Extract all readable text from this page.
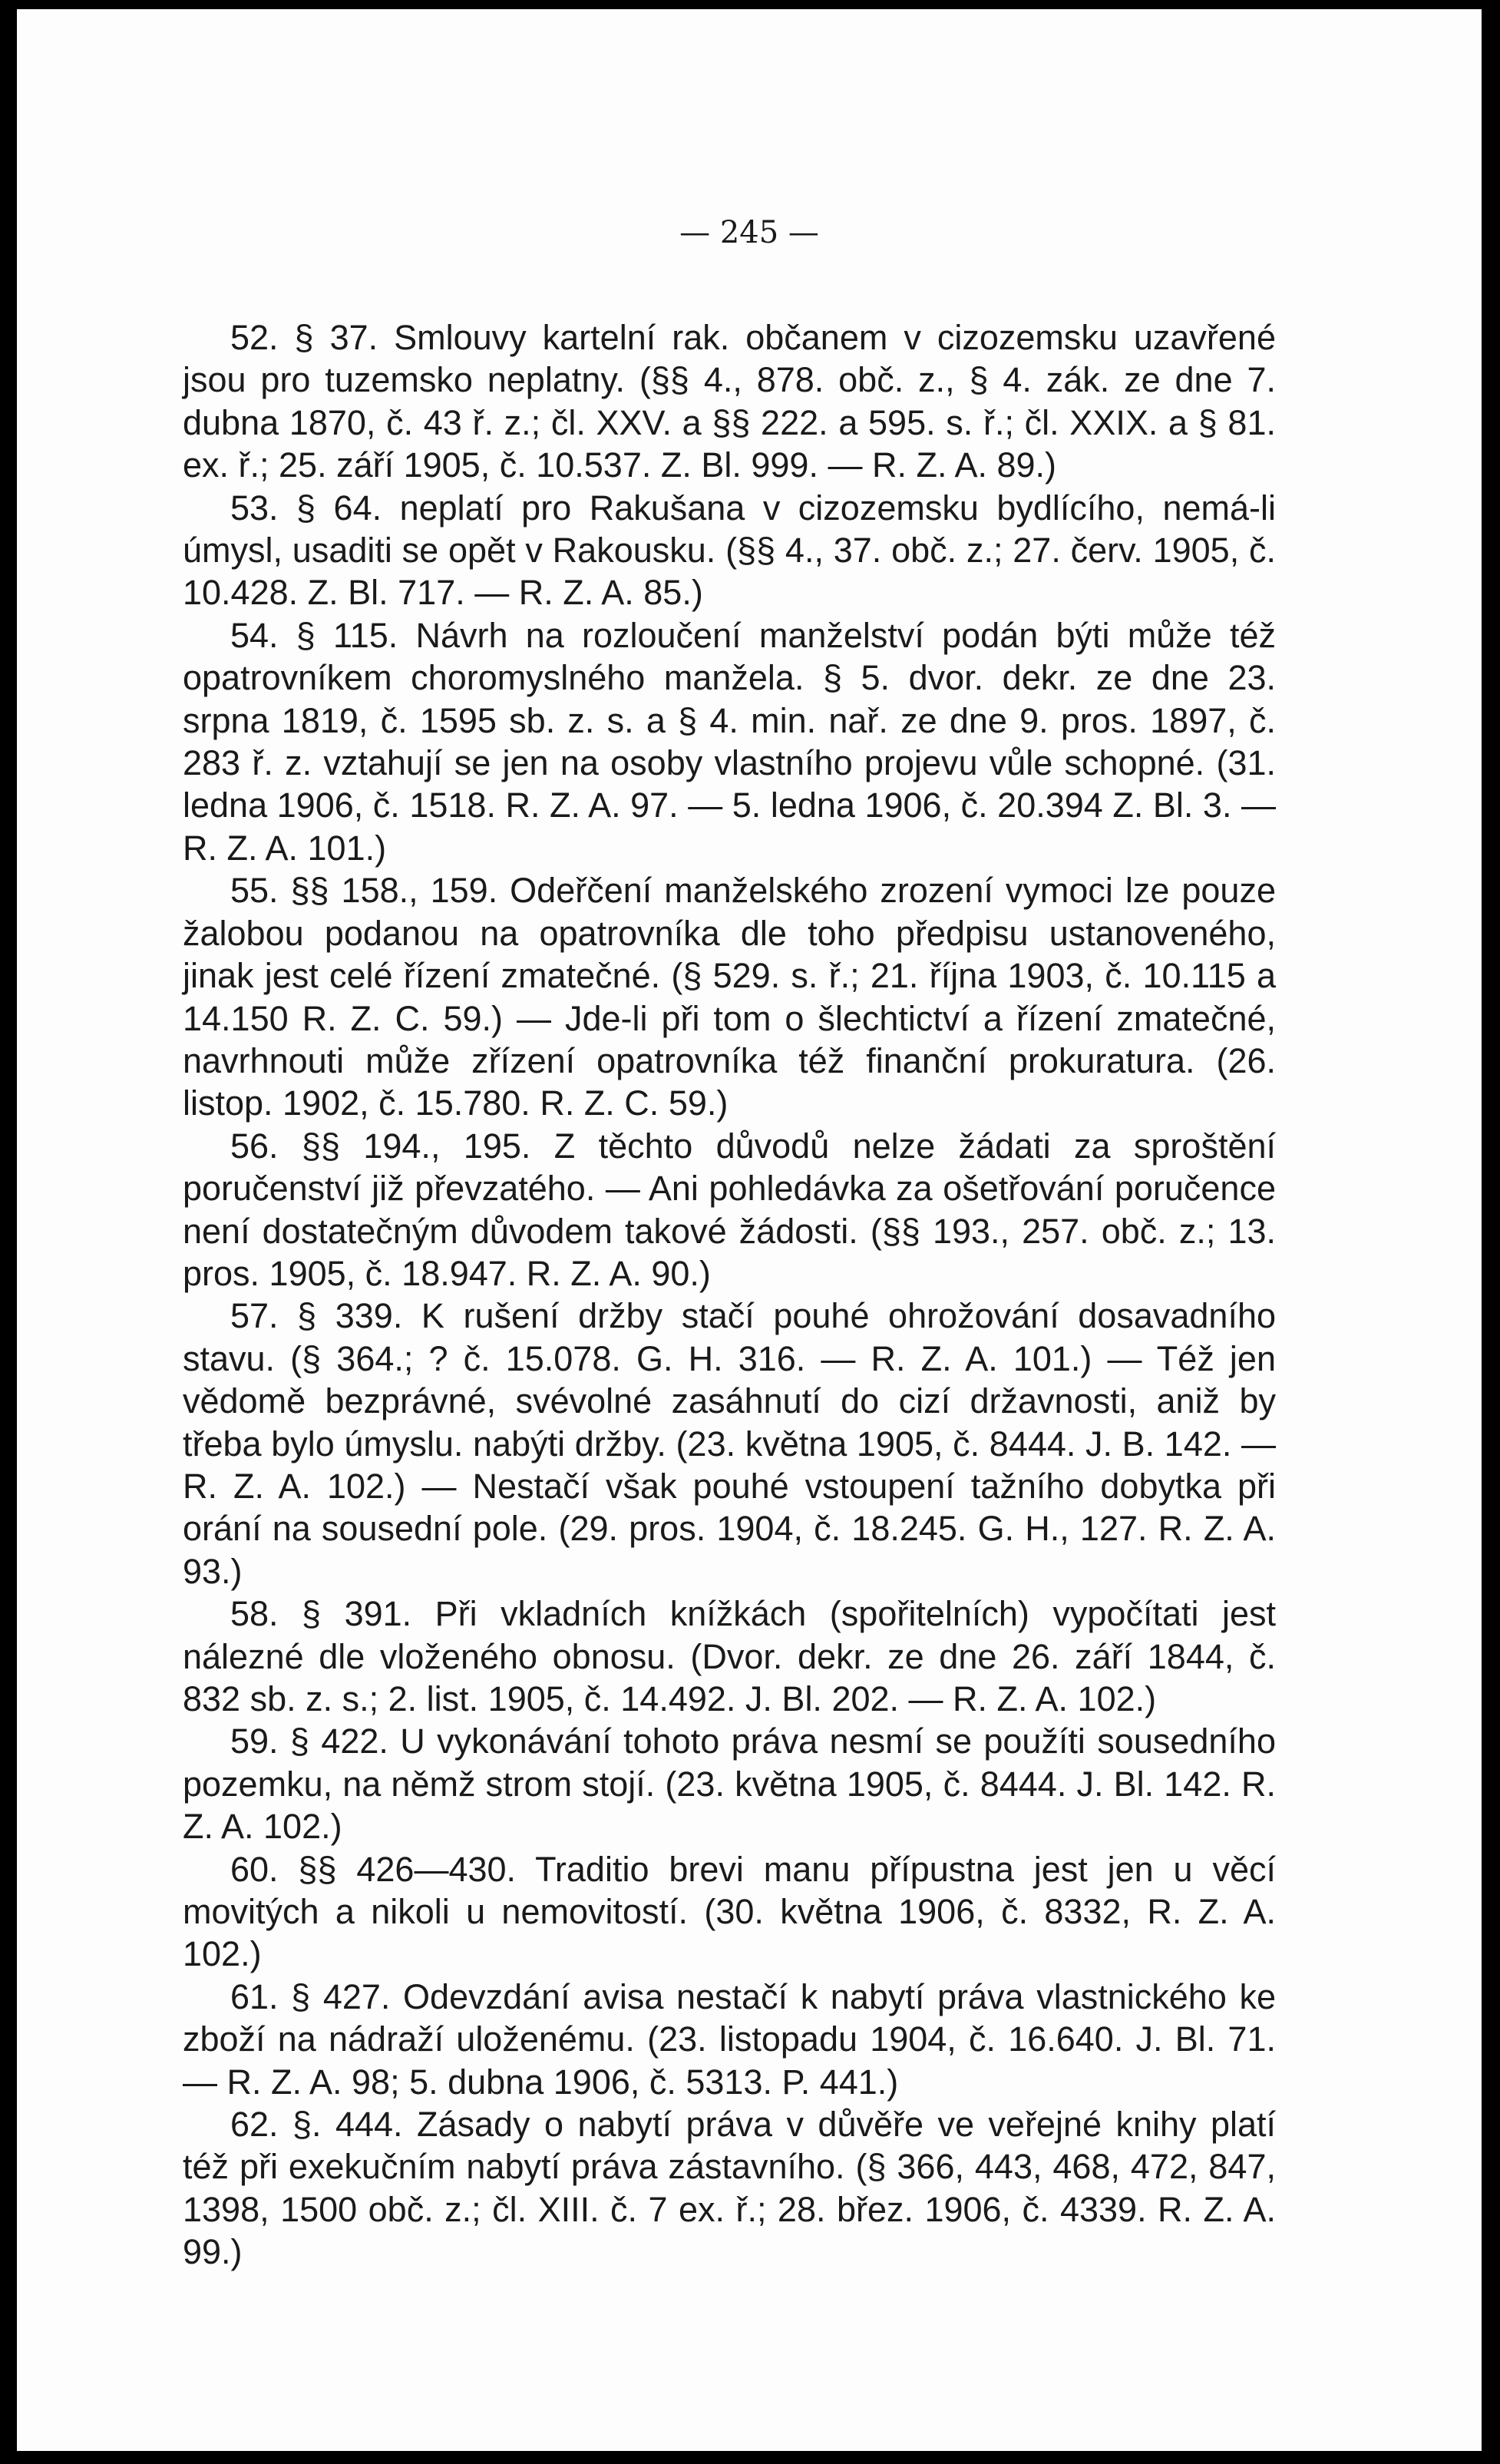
— 245 —

52. § 37. Smlouvy kartelní rak. občanem v cizozemsku uzavřené jsou pro tuzemsko neplatny. (§§ 4., 878. obč. z., § 4. zák. ze dne 7. dubna 1870, č. 43 ř. z.; čl. XXV. a §§ 222. a 595. s. ř.; čl. XXIX. a § 81. ex. ř.; 25. září 1905, č. 10.537. Z. Bl. 999. — R. Z. A. 89.)

53. § 64. neplatí pro Rakušana v cizozemsku bydlícího, nemá-li úmysl, usaditi se opět v Rakousku. (§§ 4., 37. obč. z.; 27. červ. 1905, č. 10.428. Z. Bl. 717. — R. Z. A. 85.)

54. § 115. Návrh na rozloučení manželství podán býti může též opatrovníkem choromyslného manžela. § 5. dvor. dekr. ze dne 23. srpna 1819, č. 1595 sb. z. s. a § 4. min. nař. ze dne 9. pros. 1897, č. 283 ř. z. vztahují se jen na osoby vlastního projevu vůle schopné. (31. ledna 1906, č. 1518. R. Z. A. 97. — 5. ledna 1906, č. 20.394 Z. Bl. 3. — R. Z. A. 101.)

55. §§ 158., 159. Odeřčení manželského zrození vymoci lze pouze žalobou podanou na opatrovníka dle toho předpisu ustanoveného, jinak jest celé řízení zmatečné. (§ 529. s. ř.; 21. října 1903, č. 10.115 a 14.150 R. Z. C. 59.) — Jde-li při tom o šlechtictví a řízení zmatečné, navrhnouti může zřízení opatrovníka též finanční prokuratura. (26. listop. 1902, č. 15.780. R. Z. C. 59.)

56. §§ 194., 195. Z těchto důvodů nelze žádati za sproštění poručenství již převzatého. — Ani pohledávka za ošetřování poručence není dostatečným důvodem takové žádosti. (§§ 193., 257. obč. z.; 13. pros. 1905, č. 18.947. R. Z. A. 90.)

57. § 339. K rušení držby stačí pouhé ohrožování dosavadního stavu. (§ 364.; ? č. 15.078. G. H. 316. — R. Z. A. 101.) — Též jen vědomě bezprávné, svévolné zasáhnutí do cizí državnosti, aniž by třeba bylo úmyslu. nabýti držby. (23. května 1905, č. 8444. J. B. 142. — R. Z. A. 102.) — Nestačí však pouhé vstoupení tažního dobytka při orání na sousední pole. (29. pros. 1904, č. 18.245. G. H., 127. R. Z. A. 93.)

58. § 391. Při vkladních knížkách (spořitelních) vypočítati jest nálezné dle vloženého obnosu. (Dvor. dekr. ze dne 26. září 1844, č. 832 sb. z. s.; 2. list. 1905, č. 14.492. J. Bl. 202. — R. Z. A. 102.)

59. § 422. U vykonávání tohoto práva nesmí se použíti sousedního pozemku, na němž strom stojí. (23. května 1905, č. 8444. J. Bl. 142. R. Z. A. 102.)

60. §§ 426—430. Traditio brevi manu přípustna jest jen u věcí movitých a nikoli u nemovitostí. (30. května 1906, č. 8332, R. Z. A. 102.)

61. § 427. Odevzdání avisa nestačí k nabytí práva vlastnického ke zboží na nádraží uloženému. (23. listopadu 1904, č. 16.640. J. Bl. 71. — R. Z. A. 98; 5. dubna 1906, č. 5313. P. 441.)

62. §. 444. Zásady o nabytí práva v důvěře ve veřejné knihy platí též při exekučním nabytí práva zástavního. (§ 366, 443, 468, 472, 847, 1398, 1500 obč. z.; čl. XIII. č. 7 ex. ř.; 28. břez. 1906, č. 4339. R. Z. A. 99.)
